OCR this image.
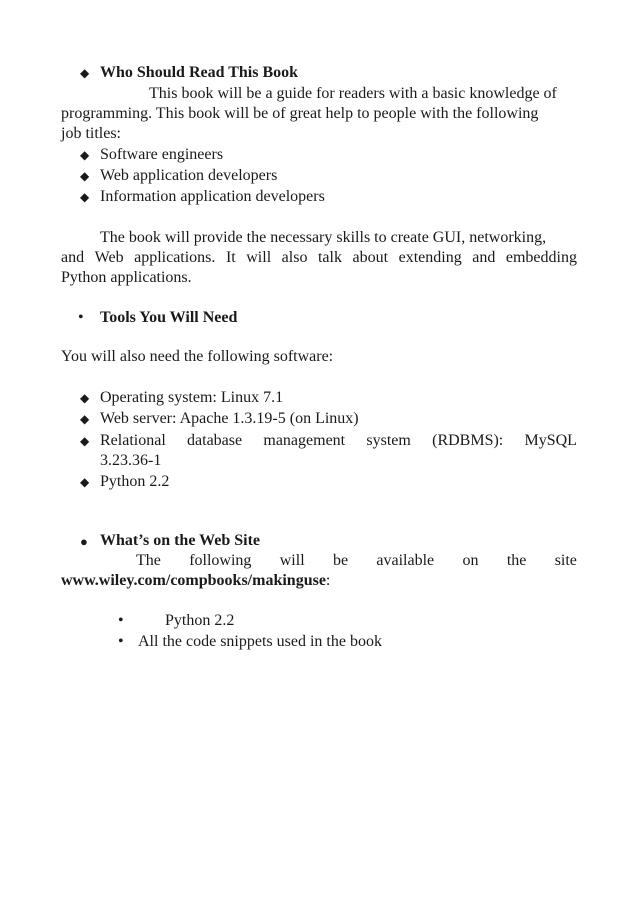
◆ Who Should Read This Book
This book will be a guide for readers with a basic knowledge of
programming. This book will be of great help to people with the following
job titles:
◆ Software engineers
◆ Web application developers
◆ Information application developers
The book will provide the necessary skills to create GUI, networking,
and Web applications. It will also talk about extending and embedding
Python applications.
• Tools You Will Need
You will also need the following software:
◆ Operating system: Linux 7.1
◆ Web server: Apache 1.3.19-5 (on Linux)
◆ Relational database management system (RDBMS): MySQL
3.23.36-1
◆ Python 2.2
● What’s on the Web Site
The following will be available on the site
www.wiley.com/compbooks/makinguse:
•	Python 2.2
• All the code snippets used in the book
